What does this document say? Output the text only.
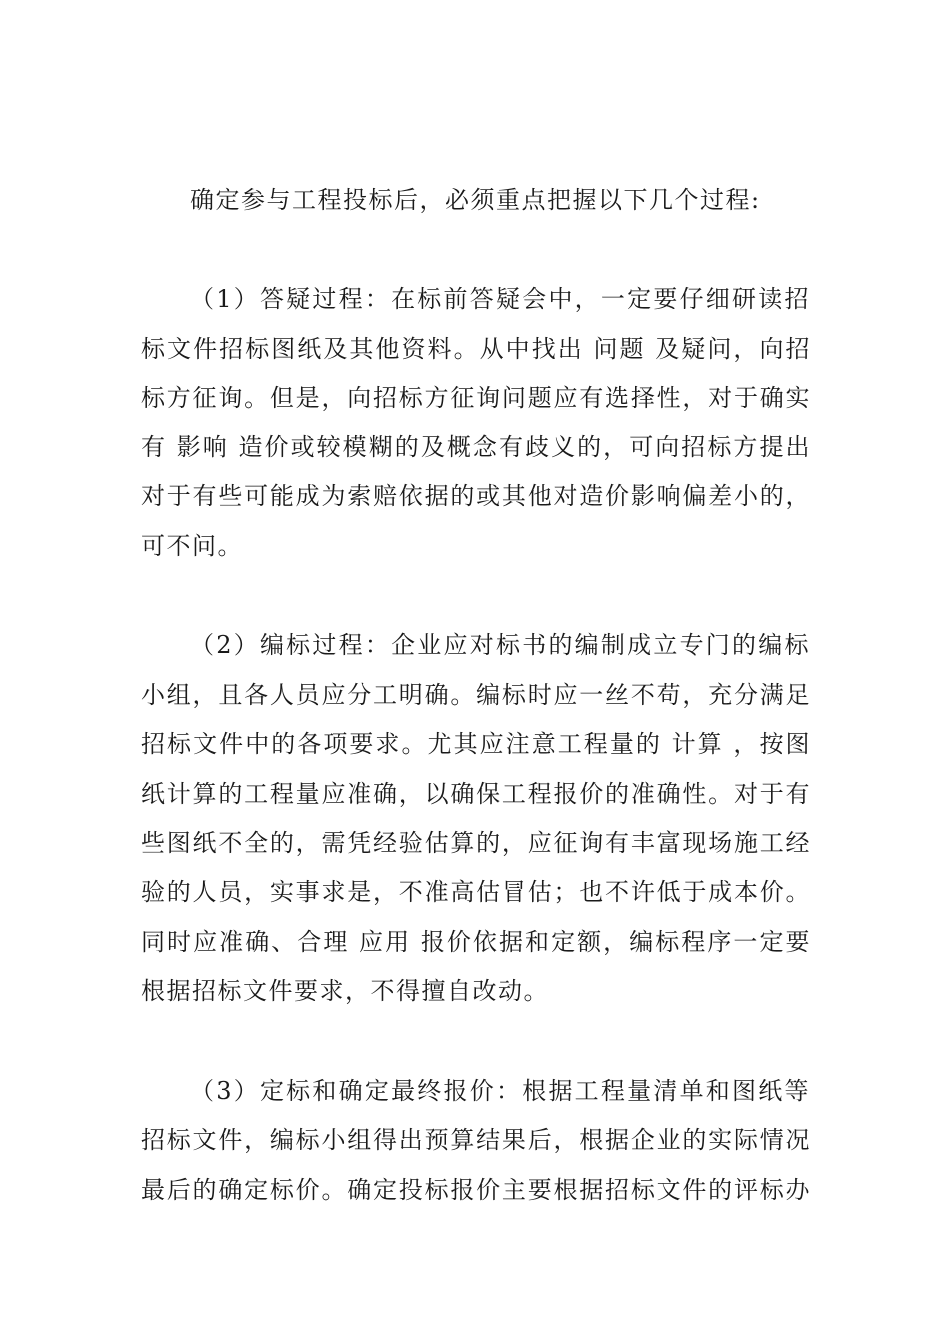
确定参与工程投标后，必须重点把握以下几个过程:
（1）答疑过程：在标前答疑会中，一定要仔细研读招
标文件招标图纸及其他资料。从中找出 问题 及疑问，向招
标方征询。但是，向招标方征询问题应有选择性，对于确实
有 影响 造价或较模糊的及概念有歧义的，可向招标方提出
对于有些可能成为索赔依据的或其他对造价影响偏差小的，
可不问。
（2）编标过程：企业应对标书的编制成立专门的编标
小组，且各人员应分工明确。编标时应一丝不苟，充分满足
招标文件中的各项要求。尤其应注意工程量的 计算 ，按图
纸计算的工程量应准确，以确保工程报价的准确性。对于有
些图纸不全的，需凭经验估算的，应征询有丰富现场施工经
验的人员，实事求是，不准高估冒估；也不许低于成本价。
同时应准确、合理 应用 报价依据和定额，编标程序一定要
根据招标文件要求，不得擅自改动。
（3）定标和确定最终报价：根据工程量清单和图纸等
招标文件，编标小组得出预算结果后，根据企业的实际情况
最后的确定标价。确定投标报价主要根据招标文件的评标办
